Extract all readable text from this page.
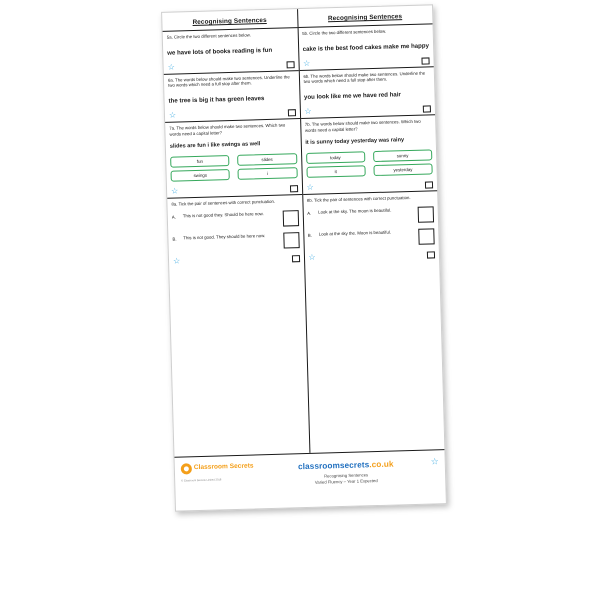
Recognising Sentences
5a. Circle the two different sentences below.
we have lots of books reading is fun
☆
6a. The words below should make two sentences. Underline the two words which need a full stop after them.
the tree is big it has green leaves
☆
7a. The words below should make two sentences. Which two words need a capital letter?
slides are fun i like swings as well
fun	slides
swings	i
☆
8a. Tick the pair of sentences with correct punctuation.
A.	This is not good they. Should be here now.
B.	This is not good. They should be here now.
☆
Recognising Sentences
5b. Circle the two different sentences below.
cake is the best food cakes make me happy
☆
6b. The words below should make two sentences. Underline the two words which need a full stop after them.
you look like me we have red hair
☆
7b. The words below should make two sentences. Which two words need a capital letter?
it is sunny today yesterday was rainy
today	sunny
it	yesterday
☆
8b. Tick the pair of sentences with correct punctuation.
A.	Look at the sky. The moon is beautiful.
B.	Look at the sky the. Moon is beautiful.
☆
Classroom Secrets
© Classroom Secrets Limited 2018
classroomsecrets.co.uk
Recognising Sentences
Varied Fluency – Year 1 Expected
☆
